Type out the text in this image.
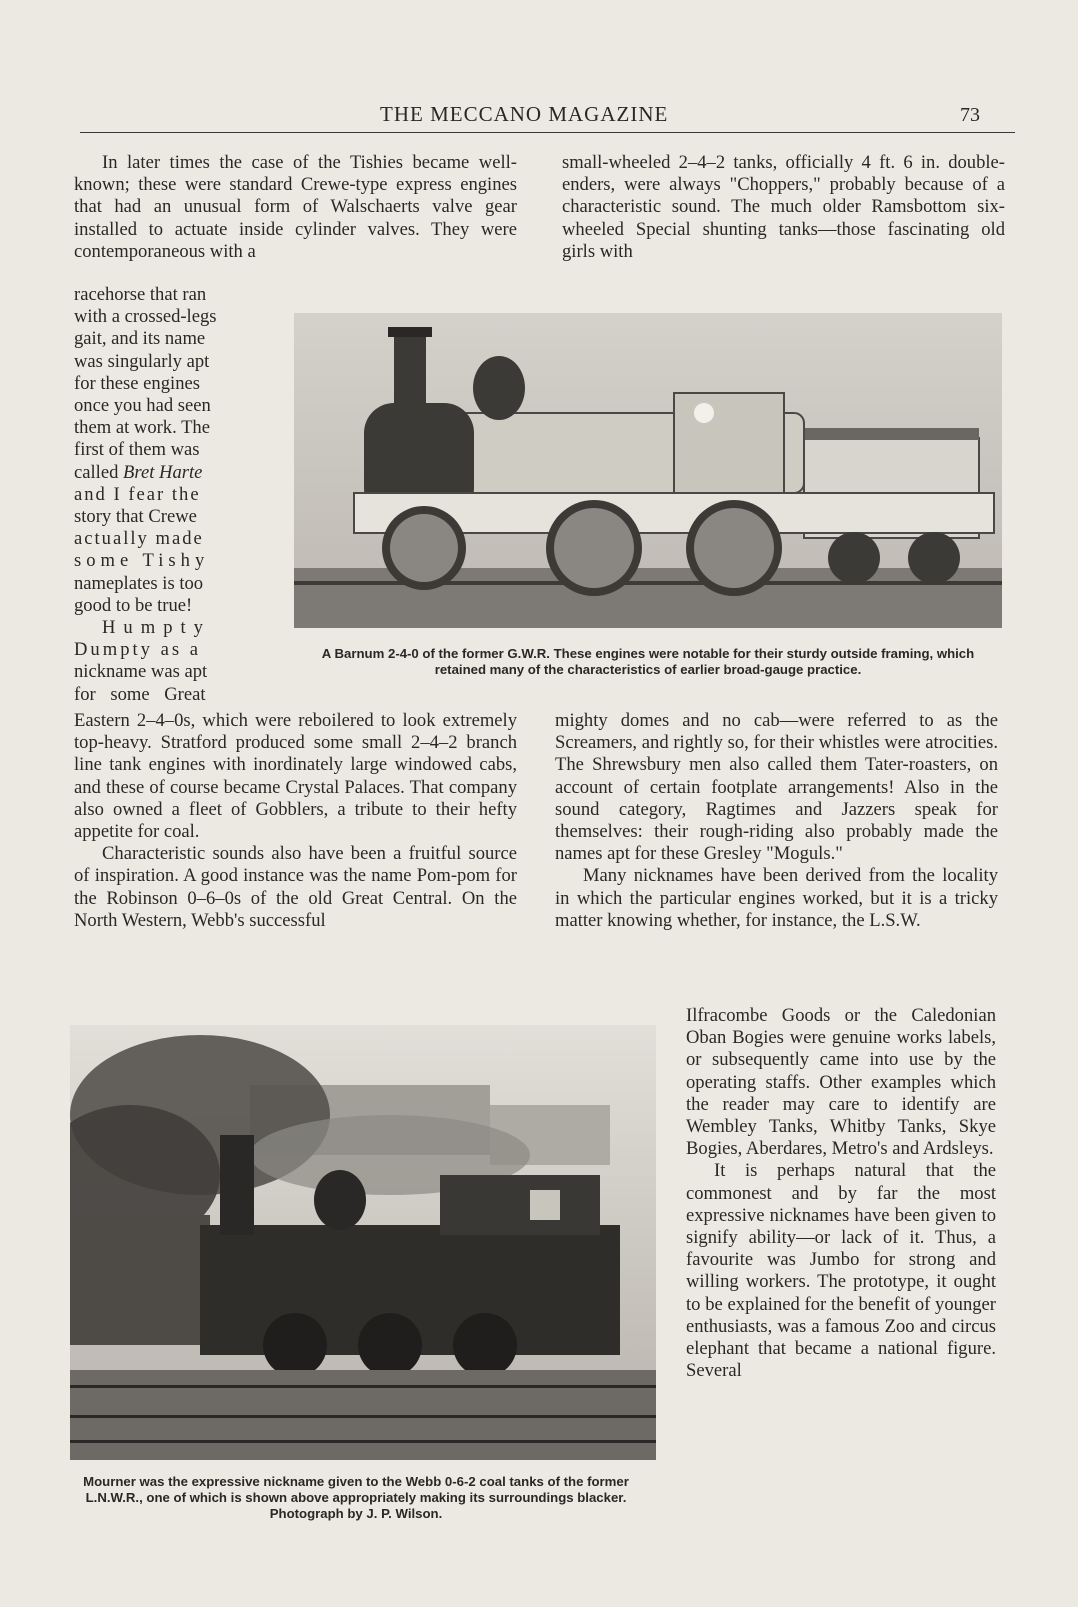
THE MECCANO MAGAZINE	73

In later times the case of the Tishies became well-known; these were standard Crewe-type express engines that had an unusual form of Walschaerts valve gear installed to actuate inside cylinder valves. They were contemporaneous with a

racehorse that ran
with a crossed-legs
gait, and its name
was singularly apt
for these engines
once you had seen
them at work. The
first of them was
called Bret Harte
and I fear the
story that Crewe
actually made
some Tishy
nameplates is too
good to be true!
Humpty
Dumpty as a
nickname was apt
for some Great
A Barnum 2-4-0 of the former G.W.R. These engines were notable for their sturdy outside framing, which retained many of the characteristics of earlier broad-gauge practice.

Eastern 2–4–0s, which were reboilered to look extremely top-heavy. Stratford produced some small 2–4–2 branch line tank engines with inordinately large windowed cabs, and these of course became Crystal Palaces. That company also owned a fleet of Gobblers, a tribute to their hefty appetite for coal.

Characteristic sounds also have been a fruitful source of inspiration. A good instance was the name Pom-pom for the Robinson 0–6–0s of the old Great Central. On the North Western, Webb's successful

small-wheeled 2–4–2 tanks, officially 4 ft. 6 in. double-enders, were always "Choppers," probably because of a characteristic sound. The much older Ramsbottom six-wheeled Special shunting tanks—those fascinating old girls with

mighty domes and no cab—were referred to as the Screamers, and rightly so, for their whistles were atrocities. The Shrewsbury men also called them Tater-roasters, on account of certain footplate arrangements! Also in the sound category, Ragtimes and Jazzers speak for themselves: their rough-riding also probably made the names apt for these Gresley "Moguls."

Many nicknames have been derived from the locality in which the particular engines worked, but it is a tricky matter knowing whether, for instance, the L.S.W.

Ilfracombe Goods or the Caledonian Oban Bogies were genuine works labels, or subsequently came into use by the operating staffs. Other examples which the reader may care to identify are Wembley Tanks, Whitby Tanks, Skye Bogies, Aberdares, Metro's and Ardsleys.

It is perhaps natural that the commonest and by far the most expressive nicknames have been given to signify ability—or lack of it. Thus, a favourite was Jumbo for strong and willing workers. The prototype, it ought to be explained for the benefit of younger enthusiasts, was a famous Zoo and circus elephant that became a national figure. Several

Mourner was the expressive nickname given to the Webb 0-6-2 coal tanks of the former L.N.W.R., one of which is shown above appropriately making its surroundings blacker. Photograph by J. P. Wilson.
